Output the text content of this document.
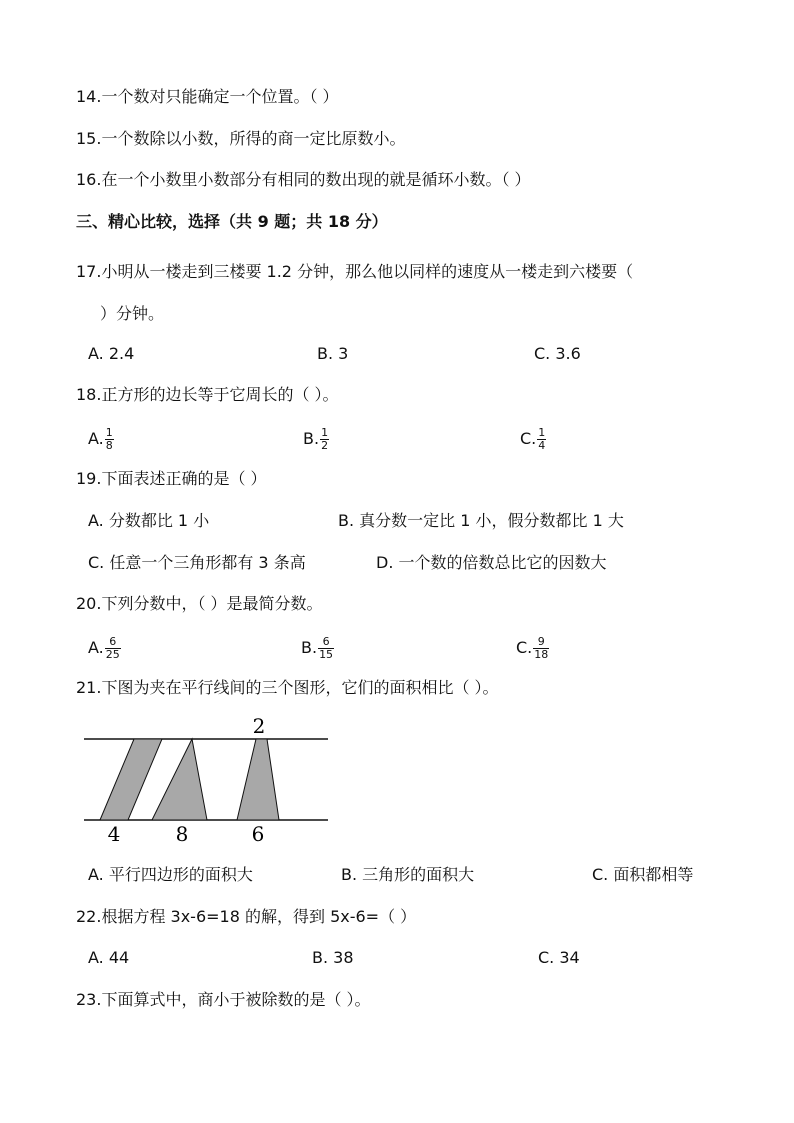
14.一个数对只能确定一个位置。（ ）
15.一个数除以小数，所得的商一定比原数小。
16.在一个小数里小数部分有相同的数出现的就是循环小数。（ ）
三、精心比较，选择（共 9 题；共 18 分）
17.小明从一楼走到三楼要 1.2 分钟，那么他以同样的速度从一楼走到六楼要（
）分钟。
A. 2.4	B. 3	C. 3.6
18.正方形的边长等于它周长的（ ）。
A. $\frac{1}{8}$	B. $\frac{1}{2}$	C. $\frac{1}{4}$
19.下面表述正确的是（ ）
A. 分数都比 1 小	B. 真分数一定比 1 小，假分数都比 1 大
C. 任意一个三角形都有 3 条高	D. 一个数的倍数总比它的因数大
20.下列分数中，（ ）是最简分数。
A. $\frac{6}{25}$	B. $\frac{6}{15}$	C. $\frac{9}{18}$
21.下图为夹在平行线间的三个图形，它们的面积相比（ ）。
2
4	8	6
A. 平行四边形的面积大	B. 三角形的面积大	C. 面积都相等
22.根据方程 3x-6=18 的解，得到 5x-6=（ ）
A. 44	B. 38	C. 34
23.下面算式中，商小于被除数的是（ ）。
